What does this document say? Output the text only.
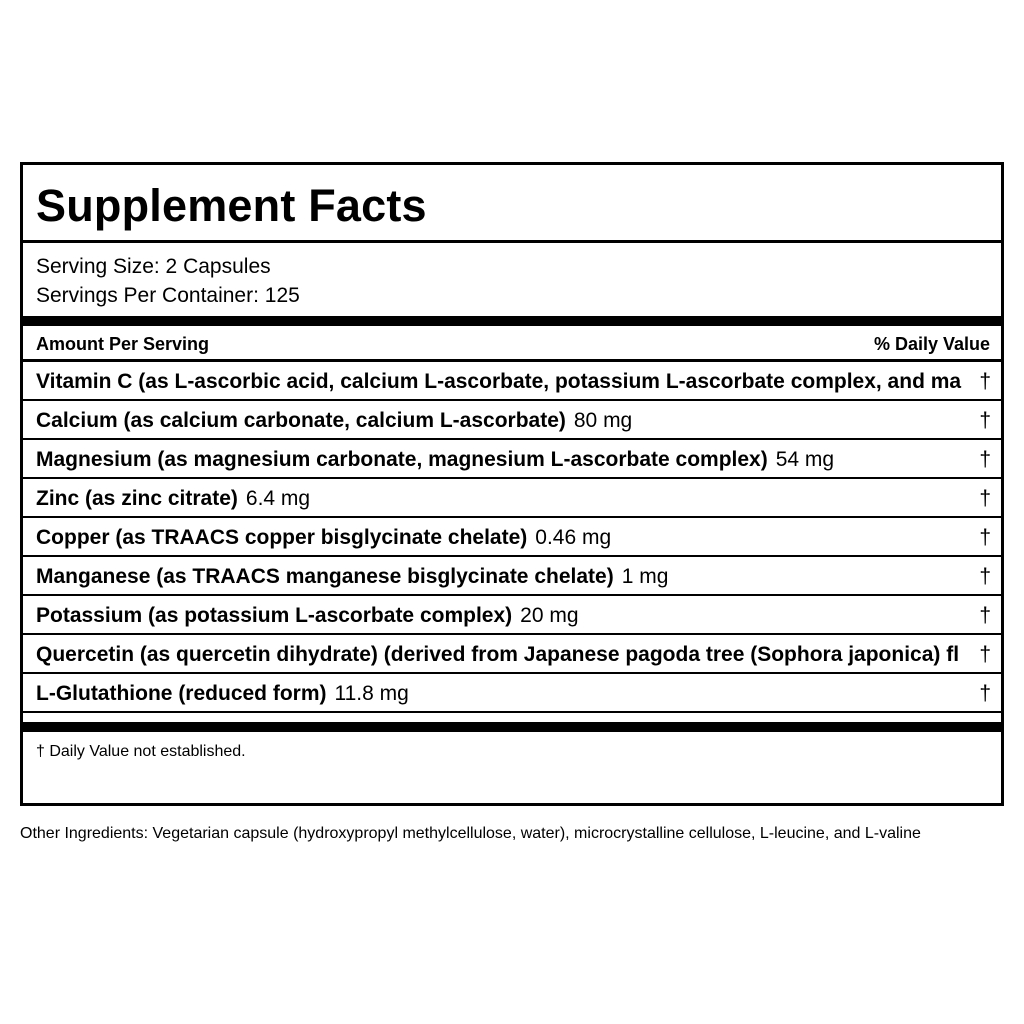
Supplement Facts
Serving Size: 2 Capsules
Servings Per Container: 125
Amount Per Serving	% Daily Value
Vitamin C (as L-ascorbic acid, calcium L-ascorbate, potassium L-ascorbate complex, and ma †
Calcium (as calcium carbonate, calcium L-ascorbate) 80 mg	†
Magnesium (as magnesium carbonate, magnesium L-ascorbate complex) 54 mg	†
Zinc (as zinc citrate) 6.4 mg	†
Copper (as TRAACS copper bisglycinate chelate) 0.46 mg	†
Manganese (as TRAACS manganese bisglycinate chelate) 1 mg	†
Potassium (as potassium L-ascorbate complex) 20 mg	†
Quercetin (as quercetin dihydrate) (derived from Japanese pagoda tree (Sophora japonica) fl †
L-Glutathione (reduced form) 11.8 mg	†
† Daily Value not established.
Other Ingredients: Vegetarian capsule (hydroxypropyl methylcellulose, water), microcrystalline cellulose, L-leucine, and L-valine
